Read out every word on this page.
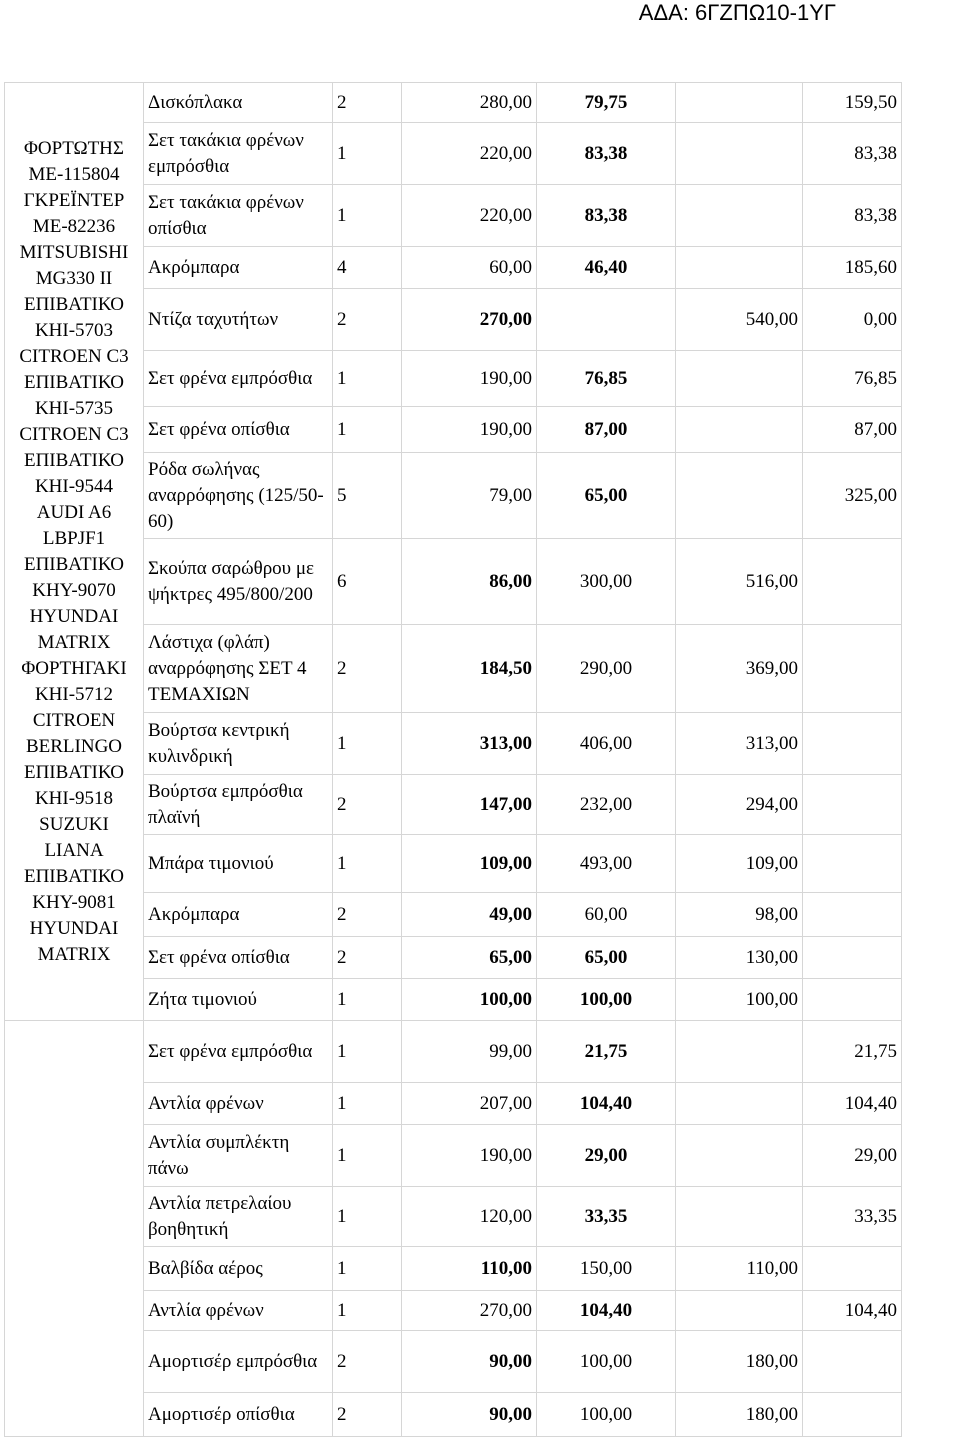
ΑΔΑ: 6ΓΖΠΩ10-1ΥΓ
ΦΟΡΤΩΤΗΣ ΜΕ-115804 ΓΚΡΕΪΝΤΕΡ ΜΕ-82236 MITSUBISHI MG330 II ΕΠΙΒΑΤΙΚΟ ΚΗΙ-5703 CITROEN C3 ΕΠΙΒΑΤΙΚΟ ΚΗΙ-5735 CITROEN C3 ΕΠΙΒΑΤΙΚΟ ΚΗΙ-9544 AUDI A6 LBPJF1 ΕΠΙΒΑΤΙΚΟ ΚΗΥ-9070 HYUNDAI MATRIX ΦΟΡΤΗΓΑΚΙ ΚΗΙ-5712 CITROEN BERLINGO ΕΠΙΒΑΤΙΚΟ ΚΗΙ-9518 SUZUKI LIANA ΕΠΙΒΑΤΙΚΟ ΚΗΥ-9081 HYUNDAI MATRIX	Δισκόπλακα	2	280,00	79,75		159,50
	Σετ τακάκια φρένων εμπρόσθια	1	220,00	83,38		83,38
	Σετ τακάκια φρένων οπίσθια	1	220,00	83,38		83,38
	Ακρόμπαρα	4	60,00	46,40		185,60
	Ντίζα ταχυτήτων	2	270,00		540,00	0,00
	Σετ φρένα εμπρόσθια	1	190,00	76,85		76,85
	Σετ φρένα οπίσθια	1	190,00	87,00		87,00
	Ρόδα σωλήνας αναρρόφησης (125/50-60)	5	79,00	65,00		325,00
	Σκούπα σαρώθρου με ψήκτρες 495/800/200	6	86,00	300,00	516,00	
	Λάστιχα (φλάπ) αναρρόφησης ΣΕΤ 4 ΤΕΜΑΧΙΩΝ	2	184,50	290,00	369,00	
	Βούρτσα κεντρική κυλινδρική	1	313,00	406,00	313,00	
	Βούρτσα εμπρόσθια πλαϊνή	2	147,00	232,00	294,00	
	Μπάρα τιμονιού	1	109,00	493,00	109,00	
	Ακρόμπαρα	2	49,00	60,00	98,00	
	Σετ φρένα οπίσθια	2	65,00	65,00	130,00	
	Ζήτα τιμονιού	1	100,00	100,00	100,00	
	Σετ φρένα εμπρόσθια	1	99,00	21,75		21,75
	Αντλία φρένων	1	207,00	104,40		104,40
	Αντλία συμπλέκτη πάνω	1	190,00	29,00		29,00
	Αντλία πετρελαίου βοηθητική	1	120,00	33,35		33,35
	Βαλβίδα αέρος	1	110,00	150,00	110,00	
	Αντλία φρένων	1	270,00	104,40		104,40
	Αμορτισέρ εμπρόσθια	2	90,00	100,00	180,00	
	Αμορτισέρ οπίσθια	2	90,00	100,00	180,00	
